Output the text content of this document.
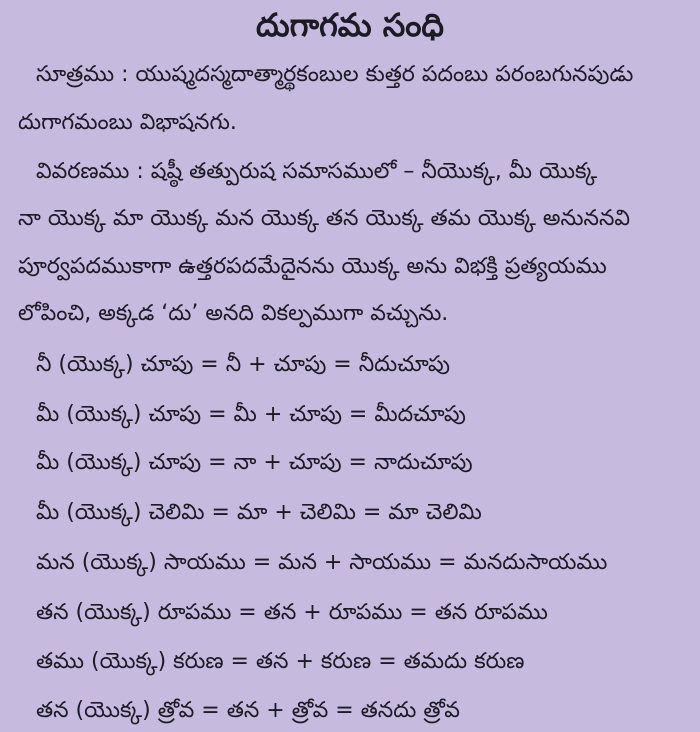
దుగాగమ సంధి
సూత్రము : యుష్మదస్మదాత్మార్థకంబుల కుత్తర పదంబు పరంబగునపుడు
దుగాగమంబు విభాషనగు.
వివరణము : షష్ఠీ తత్పురుష సమాసములో – నీయొక్క, మీ యొక్క
నా యొక్క మా యొక్క మన యొక్క తన యొక్క తమ యొక్క అనుననవి
పూర్వపదముకాగా ఉత్తరపదమేదైనను యొక్క అను విభక్తి ప్రత్యయము
లోపించి, అక్కడ ‘దు’ అనది వికల్పముగా వచ్చును.
నీ (యొక్క) చూపు = నీ + చూపు = నీదుచూపు
మీ (యొక్క) చూపు = మీ + చూపు = మీదచూపు
మీ (యొక్క) చూపు = నా + చూపు = నాదుచూపు
మీ (యొక్క) చెలిమి = మా + చెలిమి = మా చెలిమి
మన (యొక్క) సాయము = మన + సాయము = మనదుసాయము
తన (యొక్క) రూపము = తన + రూపము = తన రూపము
తము (యొక్క) కరుణ = తన + కరుణ = తమదు కరుణ
తన (యొక్క) త్రోవ = తన + త్రోవ = తనదు త్రోవ
